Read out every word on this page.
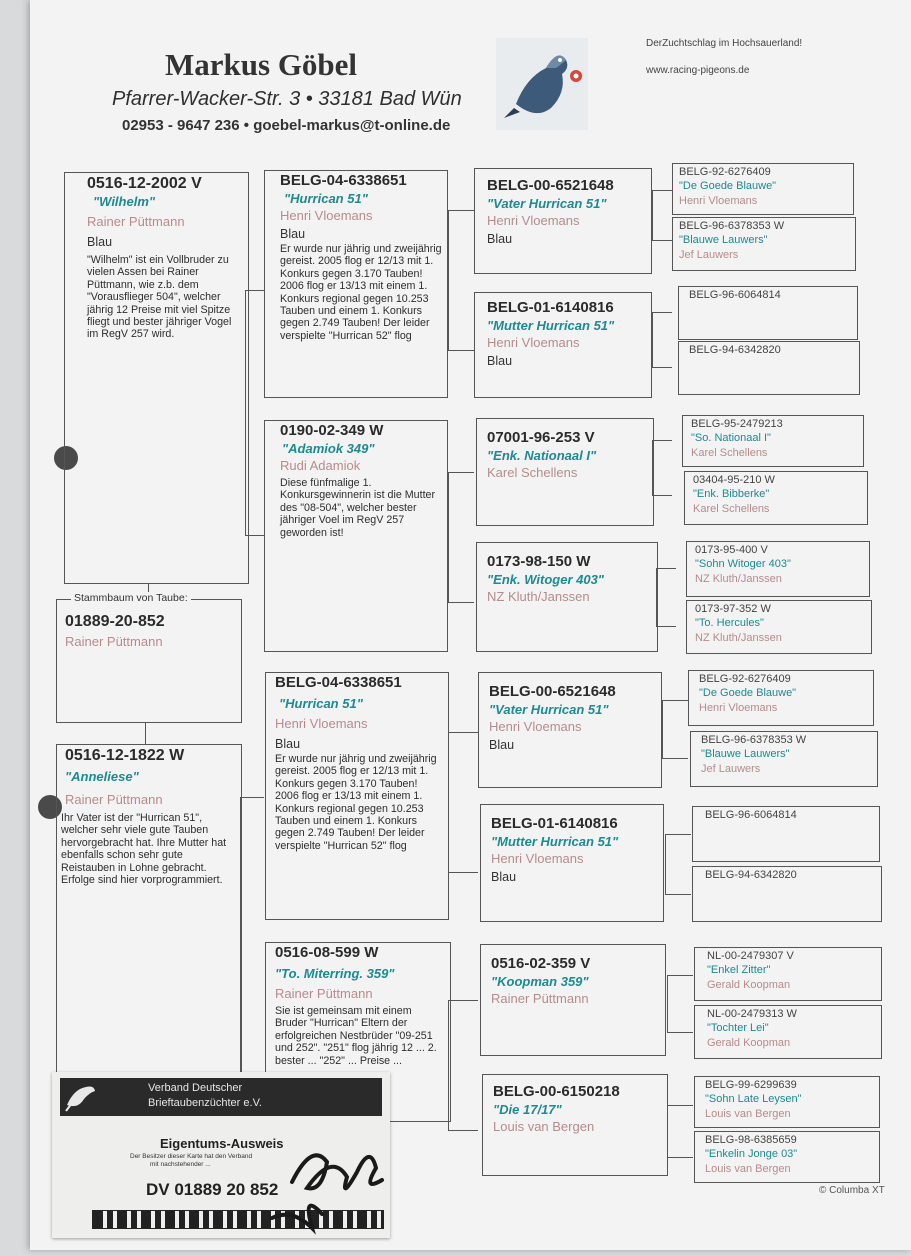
Markus Göbel
Pfarrer-Wacker-Str. 3 • 33181 Bad Wün
02953 - 9647 236 • goebel-markus@t-online.de
DerZuchtschlag im Hochsauerland!
www.racing-pigeons.de
0516-12-2002 V
"Wilhelm"
Rainer Püttmann
Blau
"Wilhelm" ist ein Vollbruder zu vielen Assen bei Rainer Püttmann, wie z.b. dem "Vorausflieger 504", welcher jährig 12 Preise mit viel Spitze fliegt und bester jähriger Vogel im RegV 257 wird.
Stammbaum von Taube:
01889-20-852
Rainer Püttmann
0516-12-1822 W
"Anneliese"
Rainer Püttmann
Ihr Vater ist der "Hurrican 51", welcher sehr viele gute Tauben hervorgebracht hat. Ihre Mutter hat ebenfalls schon sehr gute Reistauben in Lohne gebracht. Erfolge sind hier vorprogrammiert.
BELG-04-6338651
"Hurrican 51"
Henri Vloemans
Blau
Er wurde nur jährig und zweijährig gereist. 2005 flog er 12/13 mit 1. Konkurs gegen 3.170 Tauben! 2006 flog er 13/13 mit einem 1. Konkurs regional gegen 10.253 Tauben und einem 1. Konkurs gegen 2.749 Tauben! Der leider verspielte "Hurrican 52" flog
0190-02-349 W
"Adamiok 349"
Rudi Adamiok
Diese fünfmalige 1. Konkursgewinnerin ist die Mutter des "08-504", welcher bester jähriger Voel im RegV 257 geworden ist!
BELG-04-6338651
"Hurrican 51"
Henri Vloemans
Blau
Er wurde nur jährig und zweijährig gereist. 2005 flog er 12/13 mit 1. Konkurs gegen 3.170 Tauben! 2006 flog er 13/13 mit einem 1. Konkurs regional gegen 10.253 Tauben und einem 1. Konkurs gegen 2.749 Tauben! Der leider verspielte "Hurrican 52" flog
0516-08-599 W
"To. Miterring. 359"
Rainer Püttmann
Sie ist gemeinsam mit einem Bruder "Hurrican" Eltern der erfolgreichen Nestbrüder "09-251 und 252". "251" flog jährig 12 ... 2. bester ... "252" ... Preise ...
BELG-00-6521648
"Vater Hurrican 51"
Henri Vloemans
Blau
BELG-01-6140816
"Mutter Hurrican 51"
Henri Vloemans
Blau
07001-96-253 V
"Enk. Nationaal I"
Karel Schellens
0173-98-150 W
"Enk. Witoger 403"
NZ Kluth/Janssen
BELG-00-6521648
"Vater Hurrican 51"
Henri Vloemans
Blau
BELG-01-6140816
"Mutter Hurrican 51"
Henri Vloemans
Blau
0516-02-359 V
"Koopman 359"
Rainer Püttmann
BELG-00-6150218
"Die 17/17"
Louis van Bergen
BELG-92-6276409
"De Goede Blauwe"
Henri Vloemans
BELG-96-6378353 W
"Blauwe Lauwers"
Jef Lauwers
BELG-96-6064814
BELG-94-6342820
BELG-95-2479213
"So. Nationaal I"
Karel Schellens
03404-95-210 W
"Enk. Bibberke"
Karel Schellens
0173-95-400 V
"Sohn Witoger 403"
NZ Kluth/Janssen
0173-97-352 W
"To. Hercules"
NZ Kluth/Janssen
BELG-92-6276409
"De Goede Blauwe"
Henri Vloemans
BELG-96-6378353 W
"Blauwe Lauwers"
Jef Lauwers
BELG-96-6064814
BELG-94-6342820
NL-00-2479307 V
"Enkel Zitter"
Gerald Koopman
NL-00-2479313 W
"Tochter Lei"
Gerald Koopman
BELG-99-6299639
"Sohn Late Leysen"
Louis van Bergen
BELG-98-6385659
"Enkelin Jonge 03"
Louis van Bergen
© Columba XT
Verband Deutscher
Brieftaubenzüchter e.V.
Eigentums-Ausweis
Der Besitzer dieser Karte hat den Verband
mit nachstehender ...
DV 01889 20 852
